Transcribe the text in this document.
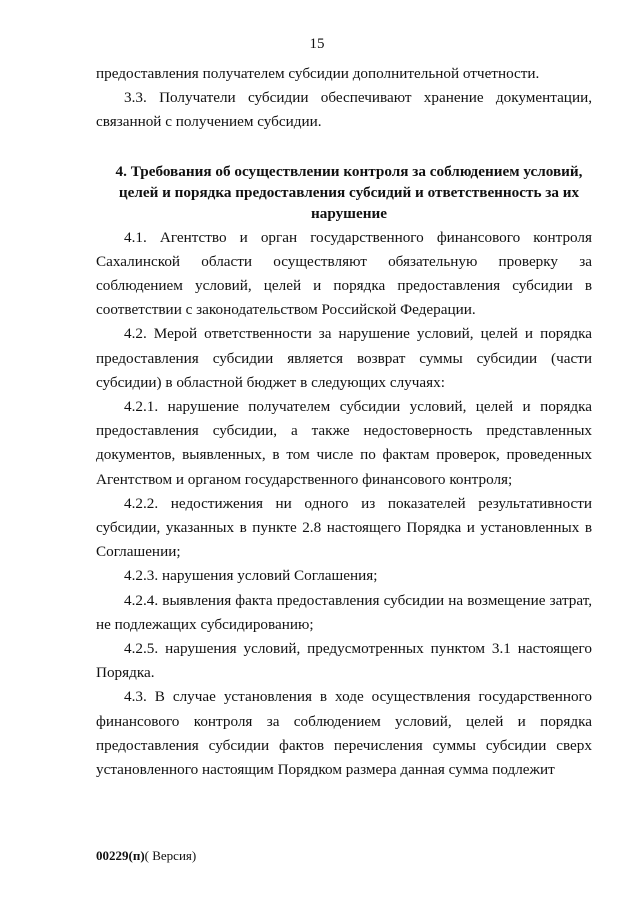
15

предоставления получателем субсидии дополнительной отчетности.

3.3. Получатели субсидии обеспечивают хранение документации, связанной с получением субсидии.

4. Требования об осуществлении контроля за соблюдением условий, целей и порядка предоставления субсидий и ответственность за их нарушение

4.1. Агентство и орган государственного финансового контроля Сахалинской области осуществляют обязательную проверку за соблюдением условий, целей и порядка предоставления субсидии в соответствии с законодательством Российской Федерации.

4.2. Мерой ответственности за нарушение условий, целей и порядка предоставления субсидии является возврат суммы субсидии (части субсидии) в областной бюджет в следующих случаях:

4.2.1. нарушение получателем субсидии условий, целей и порядка предоставления субсидии, а также недостоверность представленных документов, выявленных, в том числе по фактам проверок, проведенных Агентством и органом государственного финансового контроля;

4.2.2. недостижения ни одного из показателей результативности субсидии, указанных в пункте 2.8 настоящего Порядка и установленных в Соглашении;

4.2.3. нарушения условий Соглашения;

4.2.4. выявления факта предоставления субсидии на возмещение затрат, не подлежащих субсидированию;

4.2.5. нарушения условий, предусмотренных пунктом 3.1 настоящего Порядка.

4.3. В случае установления в ходе осуществления государственного финансового контроля за соблюдением условий, целей и порядка предоставления субсидии фактов перечисления суммы субсидии сверх установленного настоящим Порядком размера данная сумма подлежит

00229(п)( Версия)
